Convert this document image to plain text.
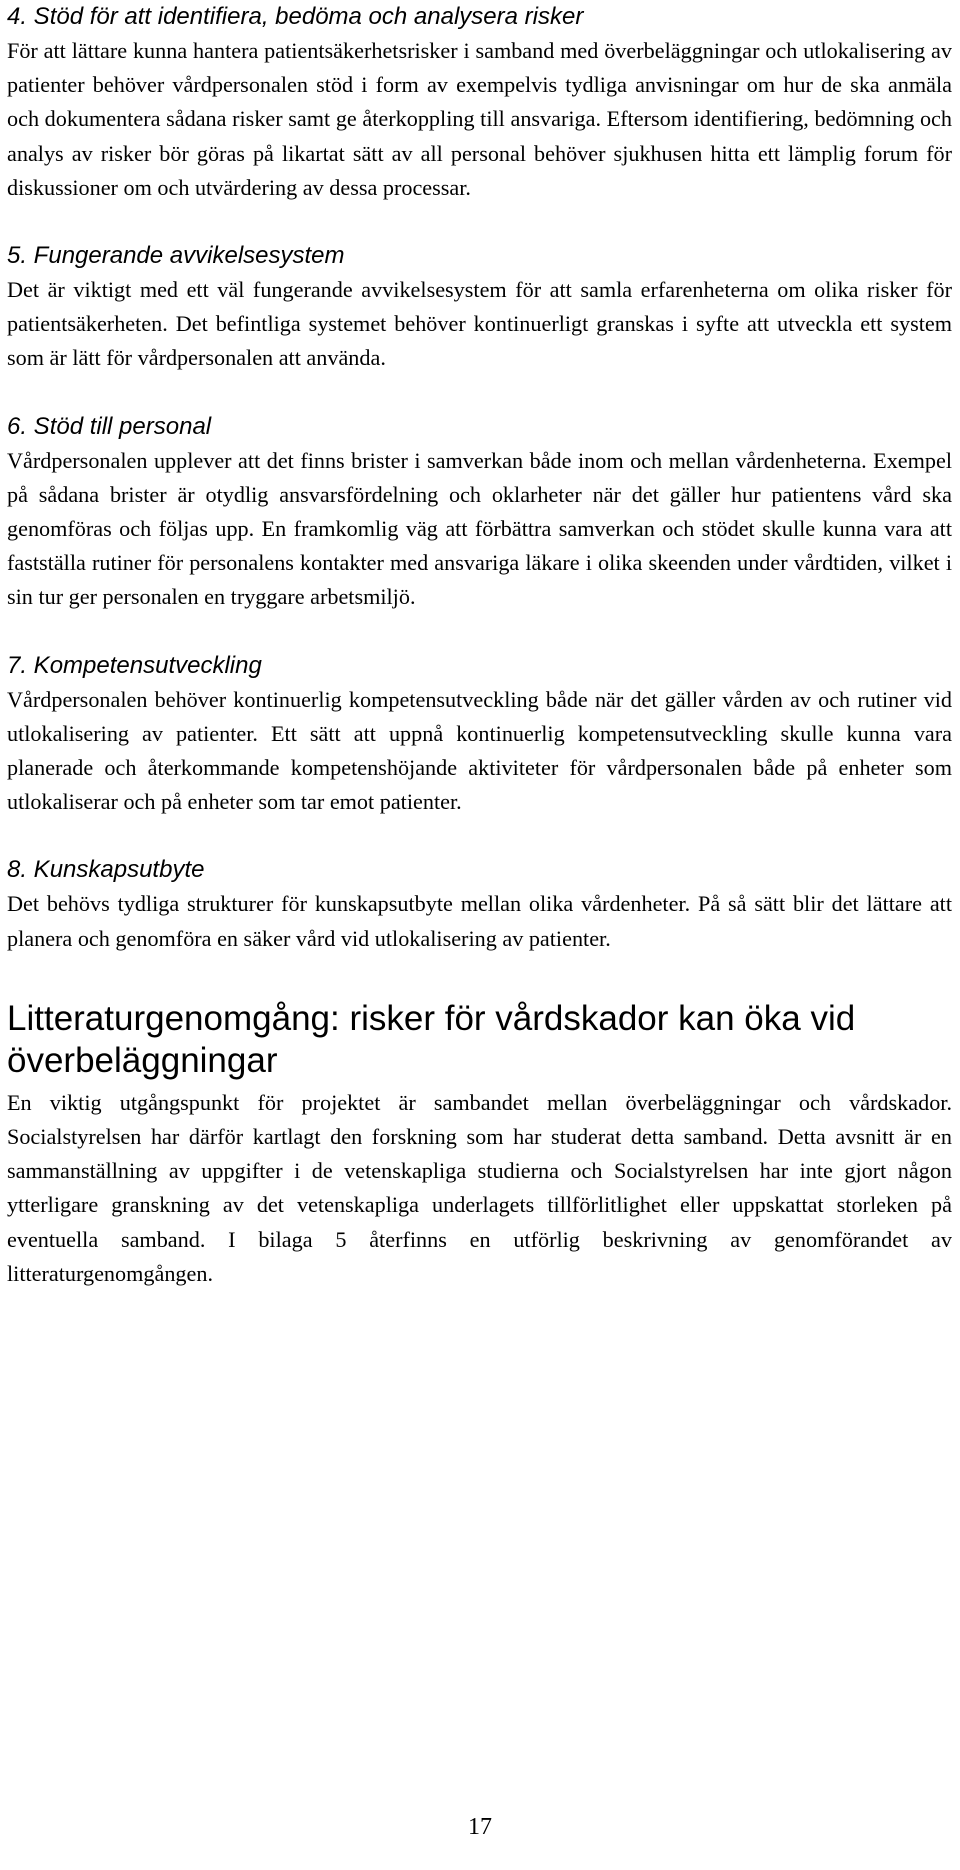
4. Stöd för att identifiera, bedöma och analysera risker

För att lättare kunna hantera patientsäkerhetsrisker i samband med överbeläggningar och utlokalisering av patienter behöver vårdpersonalen stöd i form av exempelvis tydliga anvisningar om hur de ska anmäla och dokumentera sådana risker samt ge återkoppling till ansvariga. Eftersom identifiering, bedömning och analys av risker bör göras på likartat sätt av all personal behöver sjukhusen hitta ett lämplig forum för diskussioner om och utvärdering av dessa processar.

5. Fungerande avvikelsesystem

Det är viktigt med ett väl fungerande avvikelsesystem för att samla erfarenheterna om olika risker för patientsäkerheten. Det befintliga systemet behöver kontinuerligt granskas i syfte att utveckla ett system som är lätt för vårdpersonalen att använda.

6. Stöd till personal

Vårdpersonalen upplever att det finns brister i samverkan både inom och mellan vårdenheterna. Exempel på sådana brister är otydlig ansvarsfördelning och oklarheter när det gäller hur patientens vård ska genomföras och följas upp. En framkomlig väg att förbättra samverkan och stödet skulle kunna vara att fastställa rutiner för personalens kontakter med ansvariga läkare i olika skeenden under vårdtiden, vilket i sin tur ger personalen en tryggare arbetsmiljö.

7. Kompetensutveckling

Vårdpersonalen behöver kontinuerlig kompetensutveckling både när det gäller vården av och rutiner vid utlokalisering av patienter. Ett sätt att uppnå kontinuerlig kompetensutveckling skulle kunna vara planerade och återkommande kompetenshöjande aktiviteter för vårdpersonalen både på enheter som utlokaliserar och på enheter som tar emot patienter.

8. Kunskapsutbyte

Det behövs tydliga strukturer för kunskapsutbyte mellan olika vårdenheter. På så sätt blir det lättare att planera och genomföra en säker vård vid utlokalisering av patienter.

Litteraturgenomgång: risker för vårdskador kan öka vid överbeläggningar

En viktig utgångspunkt för projektet är sambandet mellan överbeläggningar och vårdskador. Socialstyrelsen har därför kartlagt den forskning som har studerat detta samband. Detta avsnitt är en sammanställning av uppgifter i de vetenskapliga studierna och Socialstyrelsen har inte gjort någon ytterligare granskning av det vetenskapliga underlagets tillförlitlighet eller uppskattat storleken på eventuella samband. I bilaga 5 återfinns en utförlig beskrivning av genomförandet av litteraturgenomgången.

17
